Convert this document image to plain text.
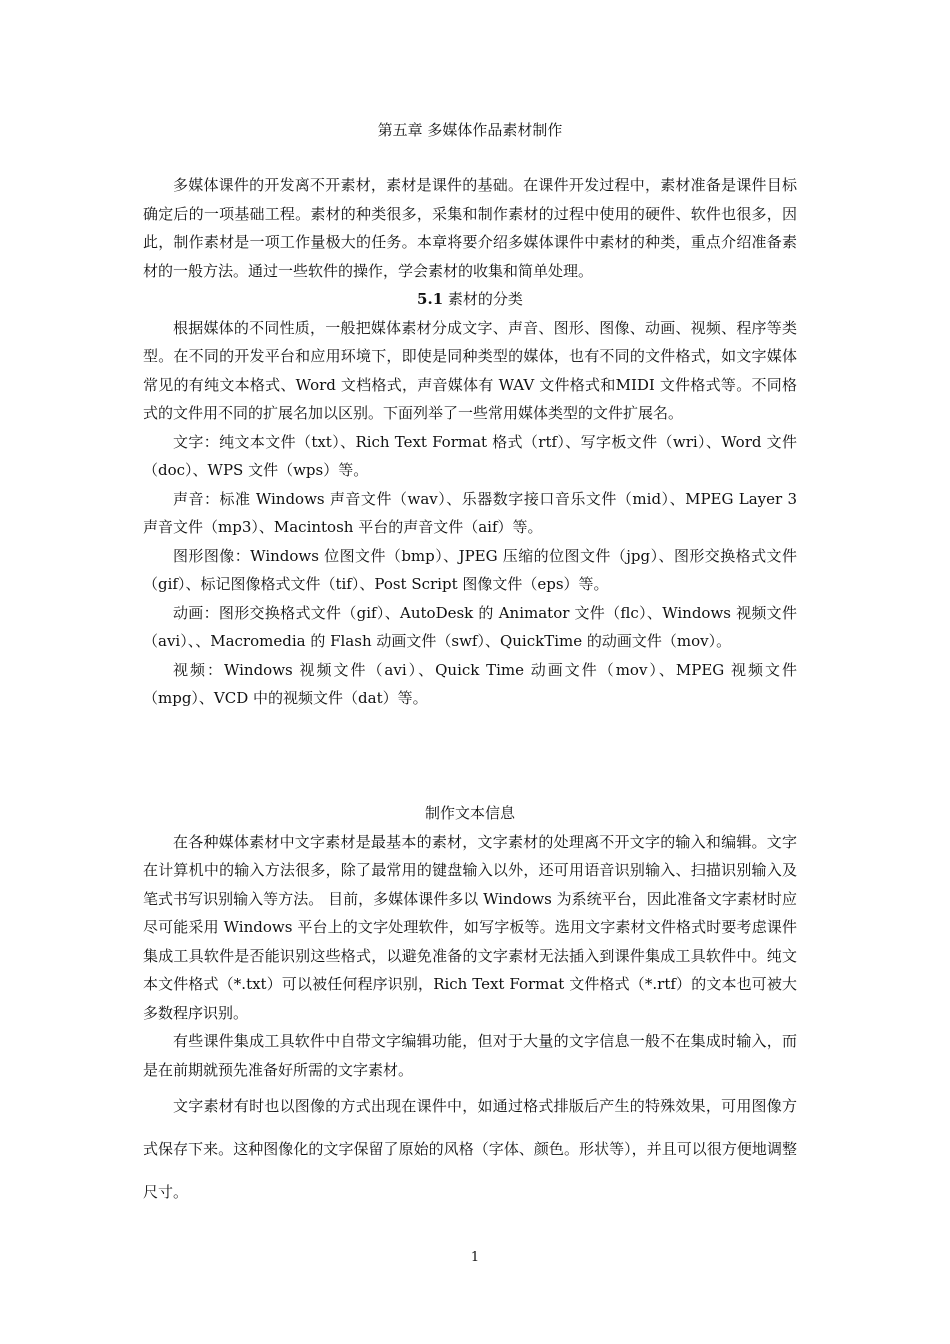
第五章 多媒体作品素材制作

多媒体课件的开发离不开素材，素材是课件的基础。在课件开发过程中，素材准备是课件目标确定后的一项基础工程。素材的种类很多，采集和制作素材的过程中使用的硬件、软件也很多，因此，制作素材是一项工作量极大的任务。本章将要介绍多媒体课件中素材的种类，重点介绍准备素材的一般方法。通过一些软件的操作，学会素材的收集和简单处理。

5.1 素材的分类

根据媒体的不同性质，一般把媒体素材分成文字、声音、图形、图像、动画、视频、程序等类型。在不同的开发平台和应用环境下，即使是同种类型的媒体，也有不同的文件格式，如文字媒体常见的有纯文本格式、Word 文档格式，声音媒体有 WAV 文件格式和MIDI 文件格式等。不同格式的文件用不同的扩展名加以区别。下面列举了一些常用媒体类型的文件扩展名。

文字：纯文本文件（txt）、Rich Text Format 格式（rtf）、写字板文件（wri）、Word 文件（doc）、WPS 文件（wps）等。

声音：标准 Windows 声音文件（wav）、乐器数字接口音乐文件（mid）、MPEG Layer 3 声音文件（mp3）、Macintosh 平台的声音文件（aif）等。

图形图像：Windows 位图文件（bmp）、JPEG 压缩的位图文件（jpg）、图形交换格式文件（gif）、标记图像格式文件（tif）、Post Script 图像文件（eps）等。

动画：图形交换格式文件（gif）、AutoDesk 的 Animator 文件（flc）、Windows 视频文件（avi）、、Macromedia 的 Flash 动画文件（swf）、QuickTime 的动画文件（mov）。

视频：Windows 视频文件（avi）、Quick Time 动画文件（mov）、MPEG 视频文件（mpg）、VCD 中的视频文件（dat）等。

制作文本信息

在各种媒体素材中文字素材是最基本的素材，文字素材的处理离不开文字的输入和编辑。文字在计算机中的输入方法很多，除了最常用的键盘输入以外，还可用语音识别输入、扫描识别输入及笔式书写识别输入等方法。 目前，多媒体课件多以 Windows 为系统平台，因此准备文字素材时应尽可能采用 Windows 平台上的文字处理软件，如写字板等。选用文字素材文件格式时要考虑课件集成工具软件是否能识别这些格式，以避免准备的文字素材无法插入到课件集成工具软件中。纯文本文件格式（*.txt）可以被任何程序识别，Rich Text Format 文件格式（*.rtf）的文本也可被大多数程序识别。

有些课件集成工具软件中自带文字编辑功能，但对于大量的文字信息一般不在集成时输入，而是在前期就预先准备好所需的文字素材。

文字素材有时也以图像的方式出现在课件中，如通过格式排版后产生的特殊效果，可用图像方式保存下来。这种图像化的文字保留了原始的风格（字体、颜色。形状等），并且可以很方便地调整尺寸。

1
